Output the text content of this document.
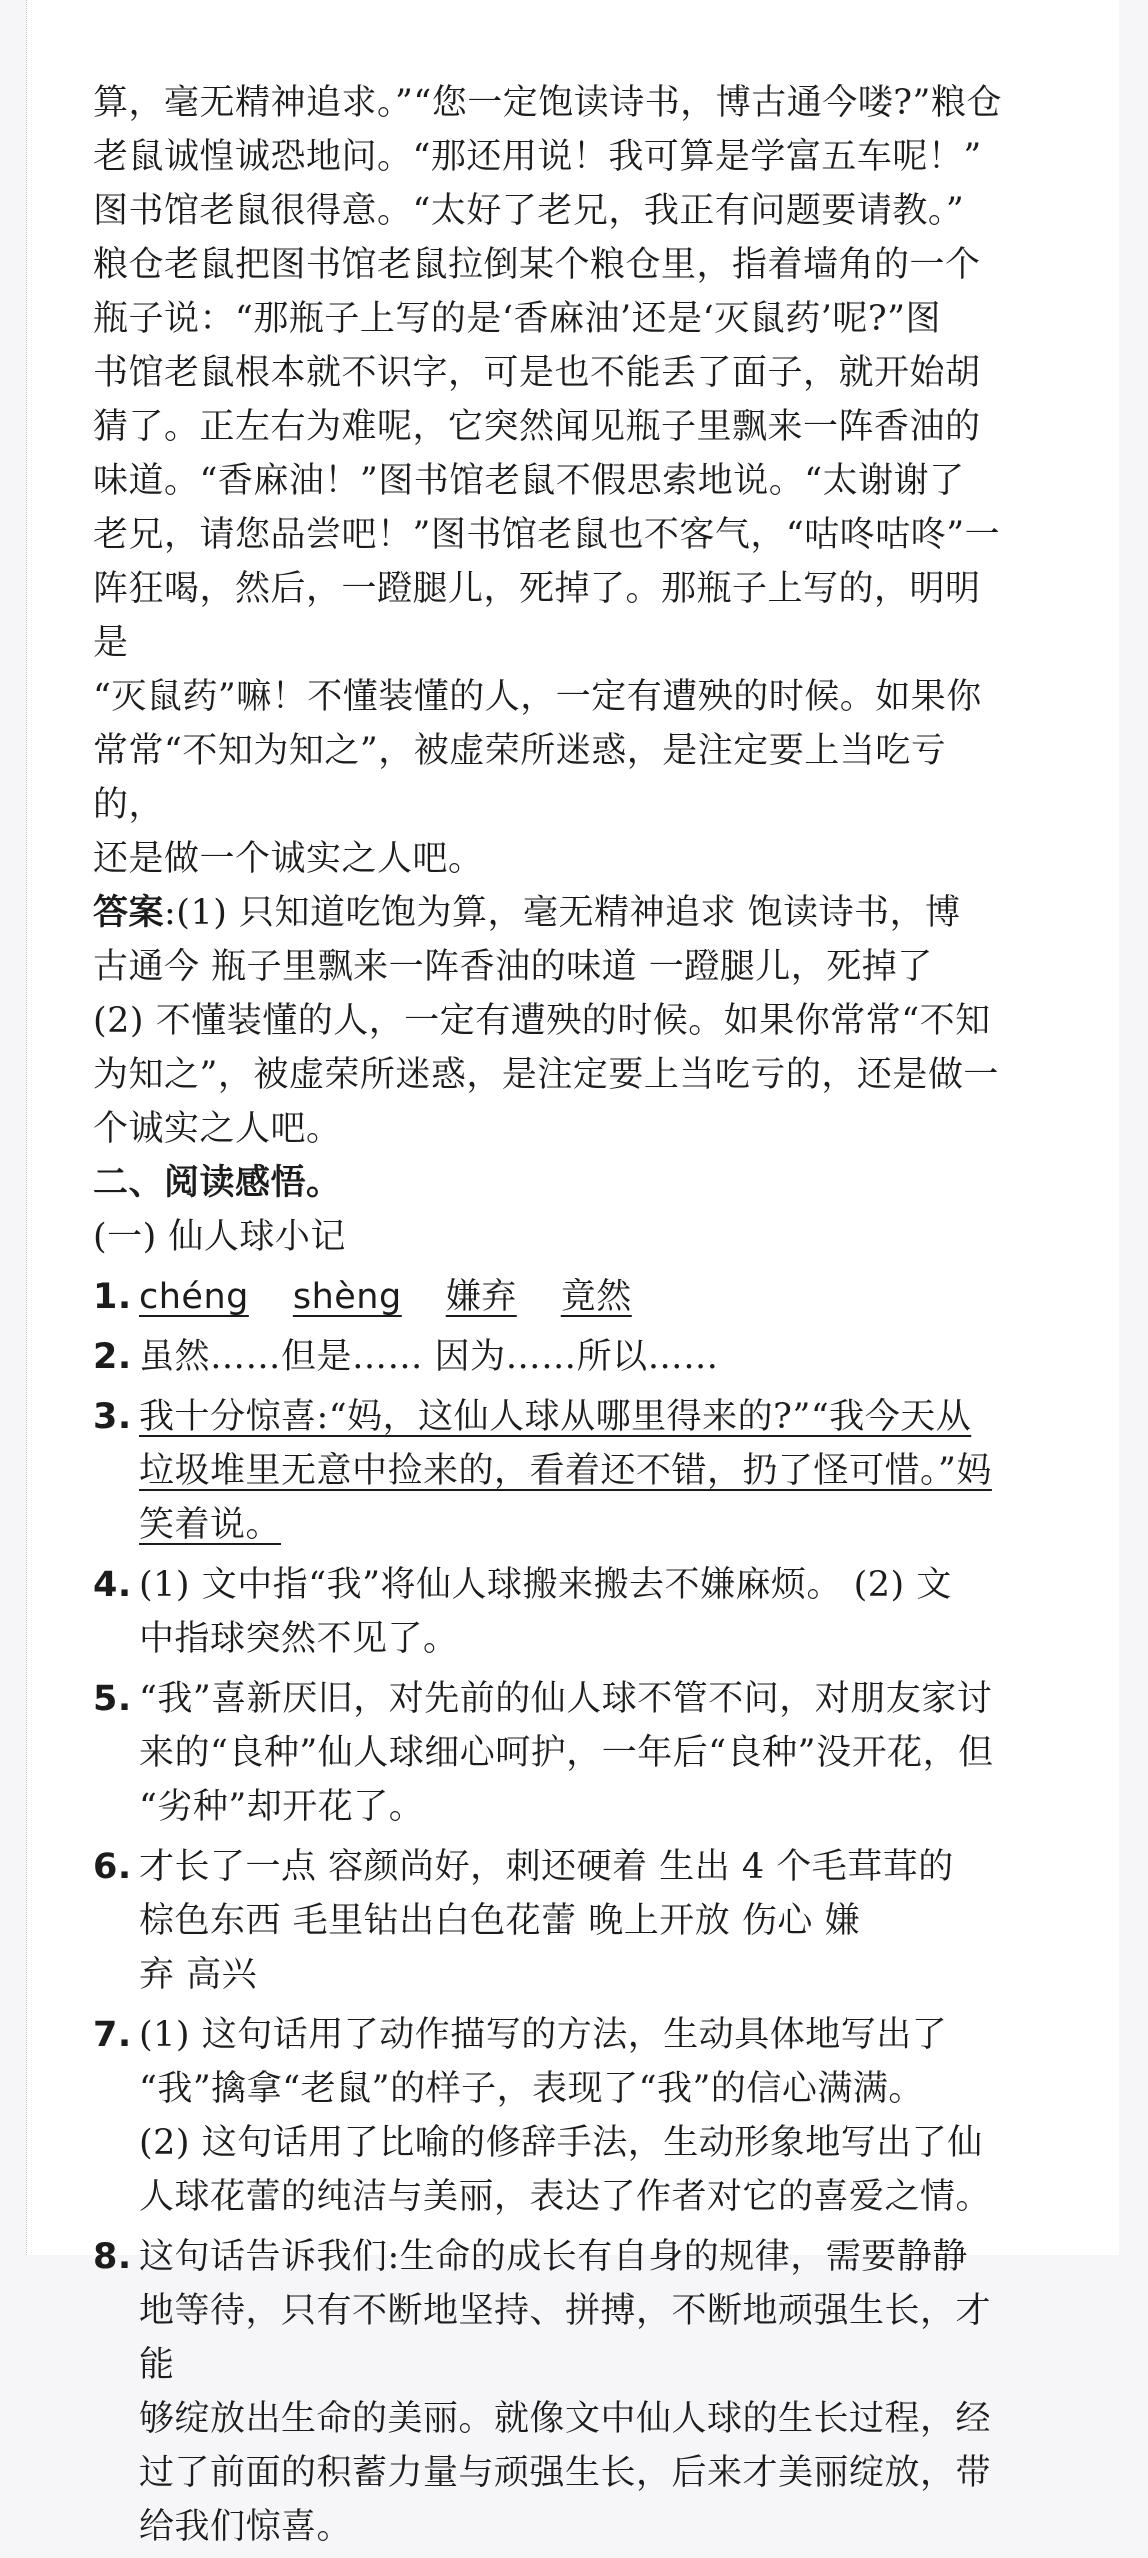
算，毫无精神追求。”“您一定饱读诗书，博古通今喽?”粮仓

老鼠诚惶诚恐地问。“那还用说！我可算是学富五车呢！”

图书馆老鼠很得意。“太好了老兄，我正有问题要请教。”

粮仓老鼠把图书馆老鼠拉倒某个粮仓里，指着墙角的一个

瓶子说：“那瓶子上写的是‘香麻油’还是‘灭鼠药’呢?”图

书馆老鼠根本就不识字，可是也不能丢了面子，就开始胡

猜了。正左右为难呢，它突然闻见瓶子里飘来一阵香油的

味道。“香麻油！”图书馆老鼠不假思索地说。“太谢谢了

老兄，请您品尝吧！”图书馆老鼠也不客气，“咕咚咕咚”一

阵狂喝，然后，一蹬腿儿，死掉了。那瓶子上写的，明明是

“灭鼠药”嘛！不懂装懂的人，一定有遭殃的时候。如果你

常常“不知为知之”，被虚荣所迷惑，是注定要上当吃亏的，

还是做一个诚实之人吧。

答案:(1) 只知道吃饱为算，毫无精神追求 饱读诗书，博

古通今 瓶子里飘来一阵香油的味道 一蹬腿儿，死掉了

(2) 不懂装懂的人，一定有遭殃的时候。如果你常常“不知

为知之”，被虚荣所迷惑，是注定要上当吃亏的，还是做一

个诚实之人吧。

二、阅读感悟。

(一) 仙人球小记

1. chéng shèng 嫌弃 竟然
2. 虽然……但是…… 因为……所以……
3. 我十分惊喜:“妈，这仙人球从哪里得来的?”“我今天从

垃圾堆里无意中捡来的，看着还不错，扔了怪可惜。”妈

笑着说。

4. (1) 文中指“我”将仙人球搬来搬去不嫌麻烦。 (2) 文

中指球突然不见了。

5. “我”喜新厌旧，对先前的仙人球不管不问，对朋友家讨

来的“良种”仙人球细心呵护，一年后“良种”没开花，但

“劣种”却开花了。

6. 才长了一点 容颜尚好，刺还硬着 生出 4 个毛茸茸的

棕色东西 毛里钻出白色花蕾 晚上开放 伤心 嫌

弃 高兴

7. (1) 这句话用了动作描写的方法，生动具体地写出了

“我”擒拿“老鼠”的样子，表现了“我”的信心满满。

(2) 这句话用了比喻的修辞手法，生动形象地写出了仙

人球花蕾的纯洁与美丽，表达了作者对它的喜爱之情。

8. 这句话告诉我们:生命的成长有自身的规律，需要静静

地等待，只有不断地坚持、拼搏，不断地顽强生长，才能

够绽放出生命的美丽。就像文中仙人球的生长过程，经

过了前面的积蓄力量与顽强生长，后来才美丽绽放，带

给我们惊喜。
